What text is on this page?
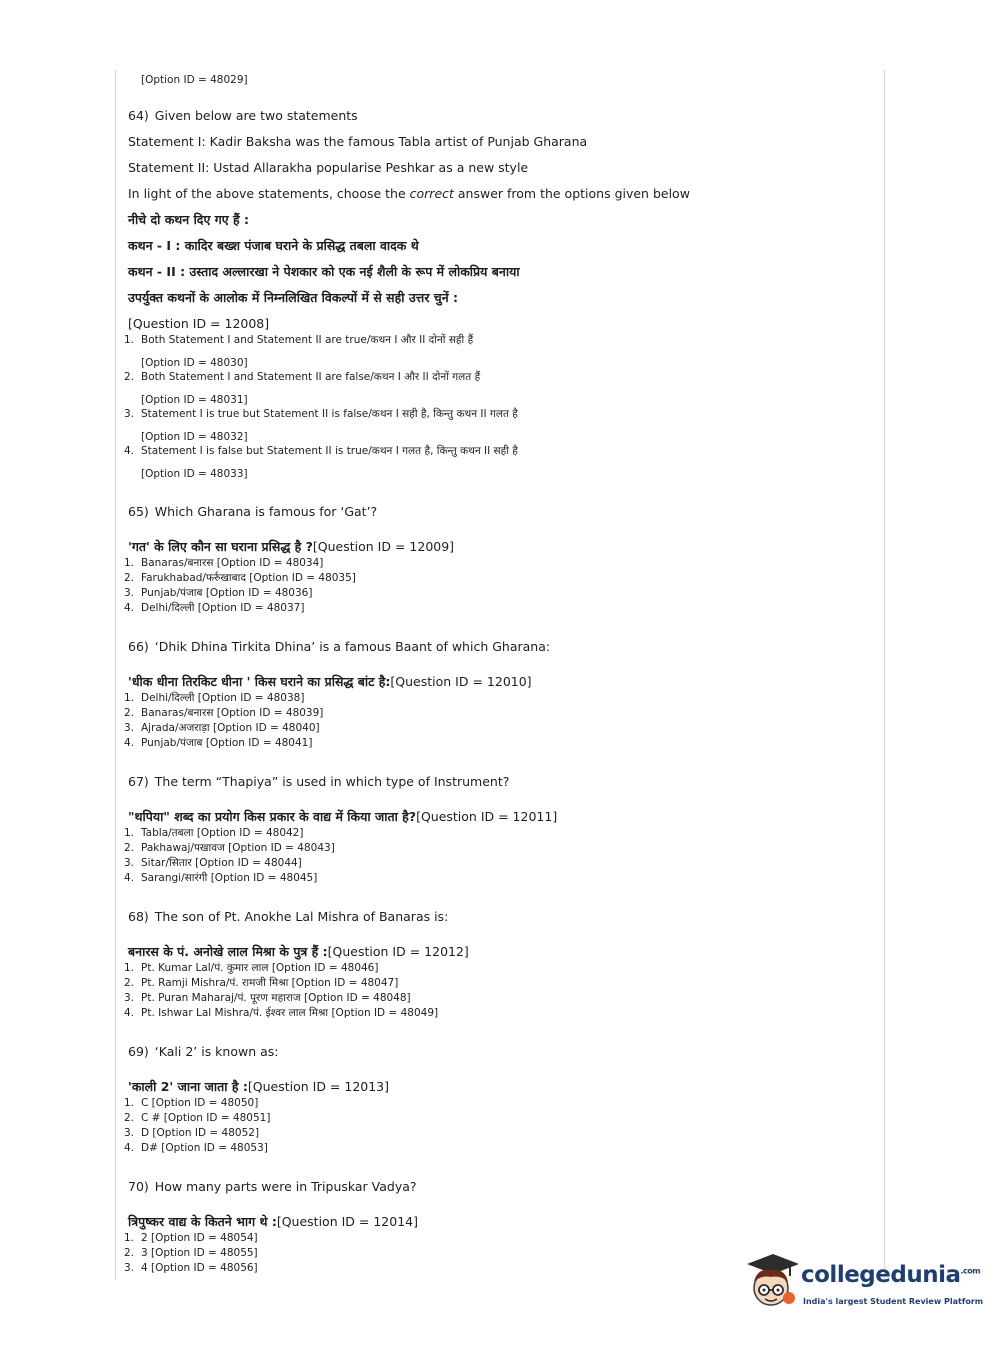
[Option ID = 48029]
64) Given below are two statements
Statement I: Kadir Baksha was the famous Tabla artist of Punjab Gharana
Statement II: Ustad Allarakha popularise Peshkar as a new style
In light of the above statements, choose the correct answer from the options given below
नीचे दो कथन दिए गए हैं :
कथन - I : कादिर बख्श पंजाब घराने के प्रसिद्ध तबला वादक थे
कथन - II : उस्ताद अल्लारखा ने पेशकार को एक नई शैली के रूप में लोकप्रिय बनाया
उपर्युक्त कथनों के आलोक में निम्नलिखित विकल्पों में से सही उत्तर चुनें :
[Question ID = 12008]
1. Both Statement I and Statement II are true/कथन I और II दोनों सही हैं
[Option ID = 48030]
2. Both Statement I and Statement II are false/कथन I और II दोनों गलत हैं
[Option ID = 48031]
3. Statement I is true but Statement II is false/कथन I सही है, किन्तु कथन II गलत है
[Option ID = 48032]
4. Statement I is false but Statement II is true/कथन I गलत है, किन्तु कथन II सही है
[Option ID = 48033]
65) Which Gharana is famous for ‘Gat’?
'गत' के लिए कौन सा घराना प्रसिद्ध है ?[Question ID = 12009]
1. Banaras/बनारस [Option ID = 48034]
2. Farukhabad/फर्रुखाबाद [Option ID = 48035]
3. Punjab/पंजाब [Option ID = 48036]
4. Delhi/दिल्ली [Option ID = 48037]
66) ‘Dhik Dhina Tirkita Dhina’ is a famous Baant of which Gharana:
'धीक धीना तिरकिट धीना ' किस घराने का प्रसिद्ध बांट है:[Question ID = 12010]
1. Delhi/दिल्ली [Option ID = 48038]
2. Banaras/बनारस [Option ID = 48039]
3. Ajrada/अजराड़ा [Option ID = 48040]
4. Punjab/पंजाब [Option ID = 48041]
67) The term “Thapiya” is used in which type of Instrument?
"थपिया" शब्द का प्रयोग किस प्रकार के वाद्य में किया जाता है?[Question ID = 12011]
1. Tabla/तबला [Option ID = 48042]
2. Pakhawaj/पखावज [Option ID = 48043]
3. Sitar/सितार [Option ID = 48044]
4. Sarangi/सारंगी [Option ID = 48045]
68) The son of Pt. Anokhe Lal Mishra of Banaras is:
बनारस के पं. अनोखे लाल मिश्रा के पुत्र हैं :[Question ID = 12012]
1. Pt. Kumar Lal/पं. कुमार लाल [Option ID = 48046]
2. Pt. Ramji Mishra/पं. रामजी मिश्रा [Option ID = 48047]
3. Pt. Puran Maharaj/पं. पूरण महाराज [Option ID = 48048]
4. Pt. Ishwar Lal Mishra/पं. ईश्वर लाल मिश्रा [Option ID = 48049]
69) ‘Kali 2’ is known as:
'काली 2' जाना जाता है :[Question ID = 12013]
1. C [Option ID = 48050]
2. C # [Option ID = 48051]
3. D [Option ID = 48052]
4. D# [Option ID = 48053]
70) How many parts were in Tripuskar Vadya?
त्रिपुष्कर वाद्य के कितने भाग थे :[Question ID = 12014]
1. 2 [Option ID = 48054]
2. 3 [Option ID = 48055]
3. 4 [Option ID = 48056]	collegedunia$^{.com}$
India's largest Student Review Platform
